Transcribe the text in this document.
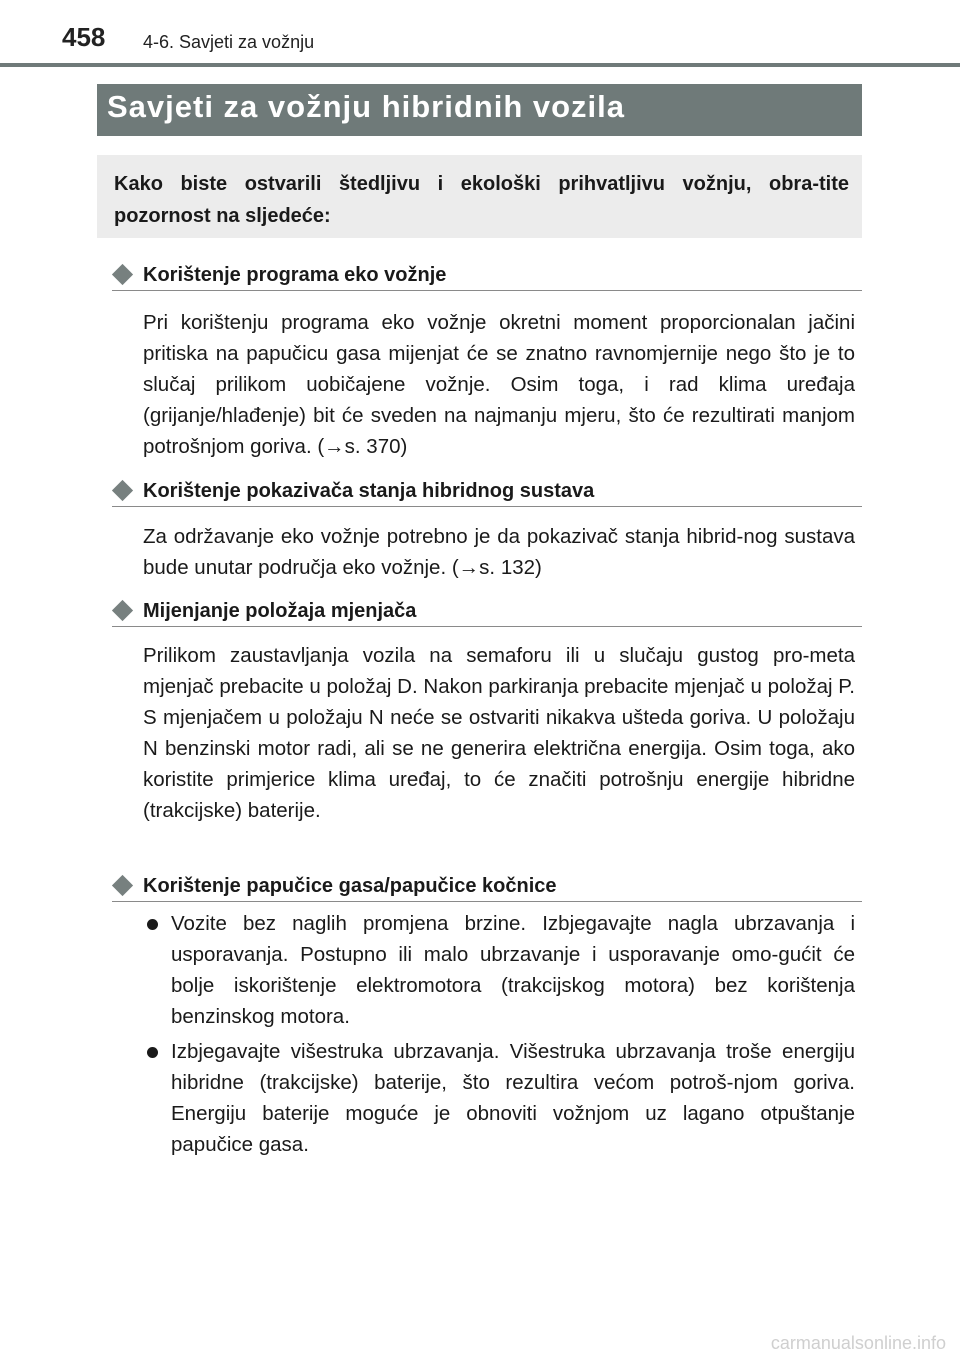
458 4-6. Savjeti za vožnju
Savjeti za vožnju hibridnih vozila
Kako biste ostvarili štedljivu i ekološki prihvatljivu vožnju, obra-tite pozornost na sljedeće:
Korištenje programa eko vožnje
Pri korištenju programa eko vožnje okretni moment proporcionalan jačini pritiska na papučicu gasa mijenjat će se znatno ravnomjernije nego što je to slučaj prilikom uobičajene vožnje. Osim toga, i rad klima uređaja (grijanje/hlađenje) bit će sveden na najmanju mjeru, što će rezultirati manjom potrošnjom goriva. (→s. 370)
Korištenje pokazivača stanja hibridnog sustava
Za održavanje eko vožnje potrebno je da pokazivač stanja hibrid-nog sustava bude unutar područja eko vožnje. (→s. 132)
Mijenjanje položaja mjenjača
Prilikom zaustavljanja vozila na semaforu ili u slučaju gustog pro-meta mjenjač prebacite u položaj D. Nakon parkiranja prebacite mjenjač u položaj P. S mjenjačem u položaju N neće se ostvariti nikakva ušteda goriva. U položaju N benzinski motor radi, ali se ne generira električna energija. Osim toga, ako koristite primjerice klima uređaj, to će značiti potrošnju energije hibridne (trakcijske) baterije.
Korištenje papučice gasa/papučice kočnice
Vozite bez naglih promjena brzine. Izbjegavajte nagla ubrzavanja i usporavanja. Postupno ili malo ubrzavanje i usporavanje omo-gućit će bolje iskorištenje elektromotora (trakcijskog motora) bez korištenja benzinskog motora.
Izbjegavajte višestruka ubrzavanja. Višestruka ubrzavanja troše energiju hibridne (trakcijske) baterije, što rezultira većom potroš-njom goriva. Energiju baterije moguće je obnoviti vožnjom uz lagano otpuštanje papučice gasa.
carmanualsonline.info
